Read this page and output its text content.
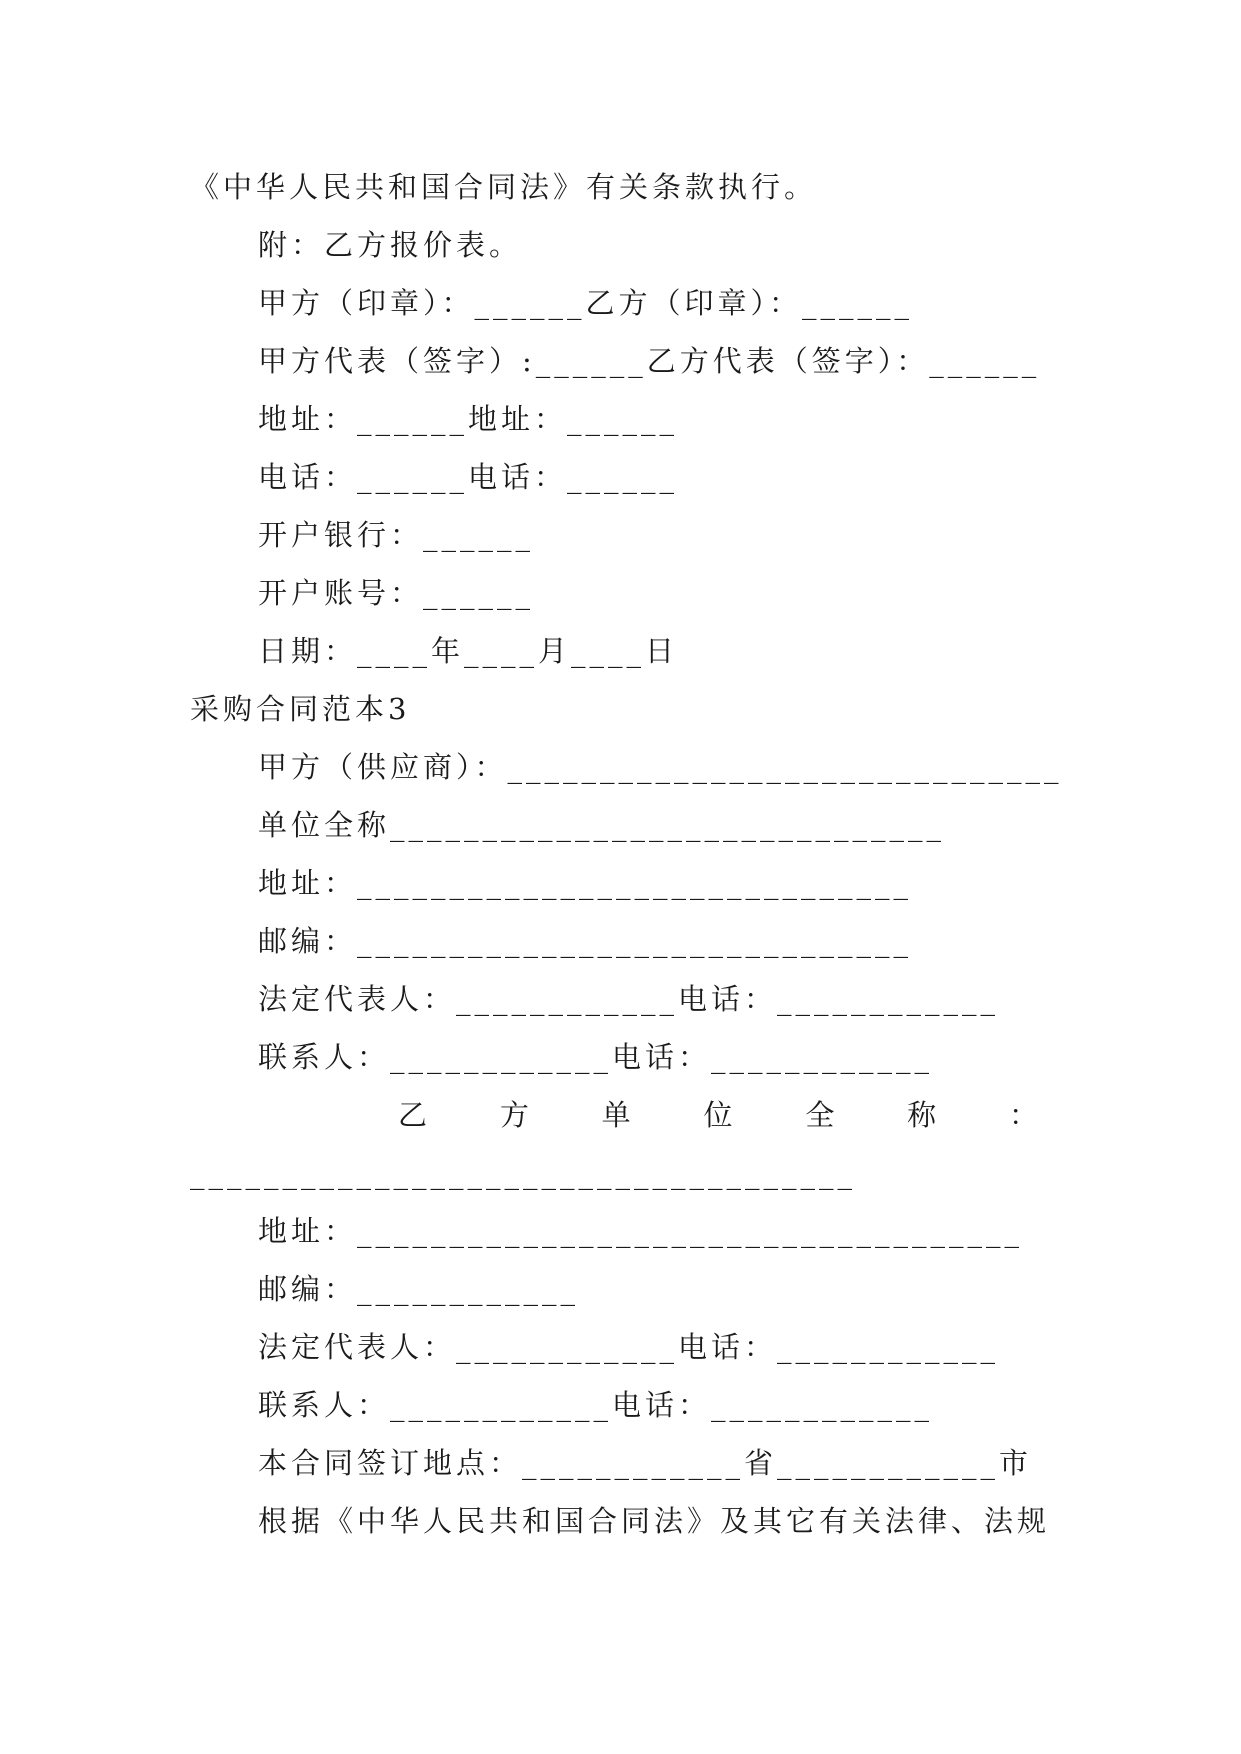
《中华人民共和国合同法》有关条款执行。
附：乙方报价表。
甲方（印章）：______乙方（印章）：______
甲方代表（签字）:______乙方代表（签字）：______
地址：______地址：______
电话：______电话：______
开户银行：______
开户账号：______
日期：____年____月____日
采购合同范本3
甲方（供应商）：______________________________
单位全称______________________________
地址：______________________________
邮编：______________________________
法定代表人：____________电话：____________
联系人：____________电话：____________
乙	方	单	位	全	称	：
____________________________________
地址：____________________________________
邮编：____________
法定代表人：____________电话：____________
联系人：____________电话：____________
本合同签订地点：____________省____________市
根据《中华人民共和国合同法》及其它有关法律、法规
